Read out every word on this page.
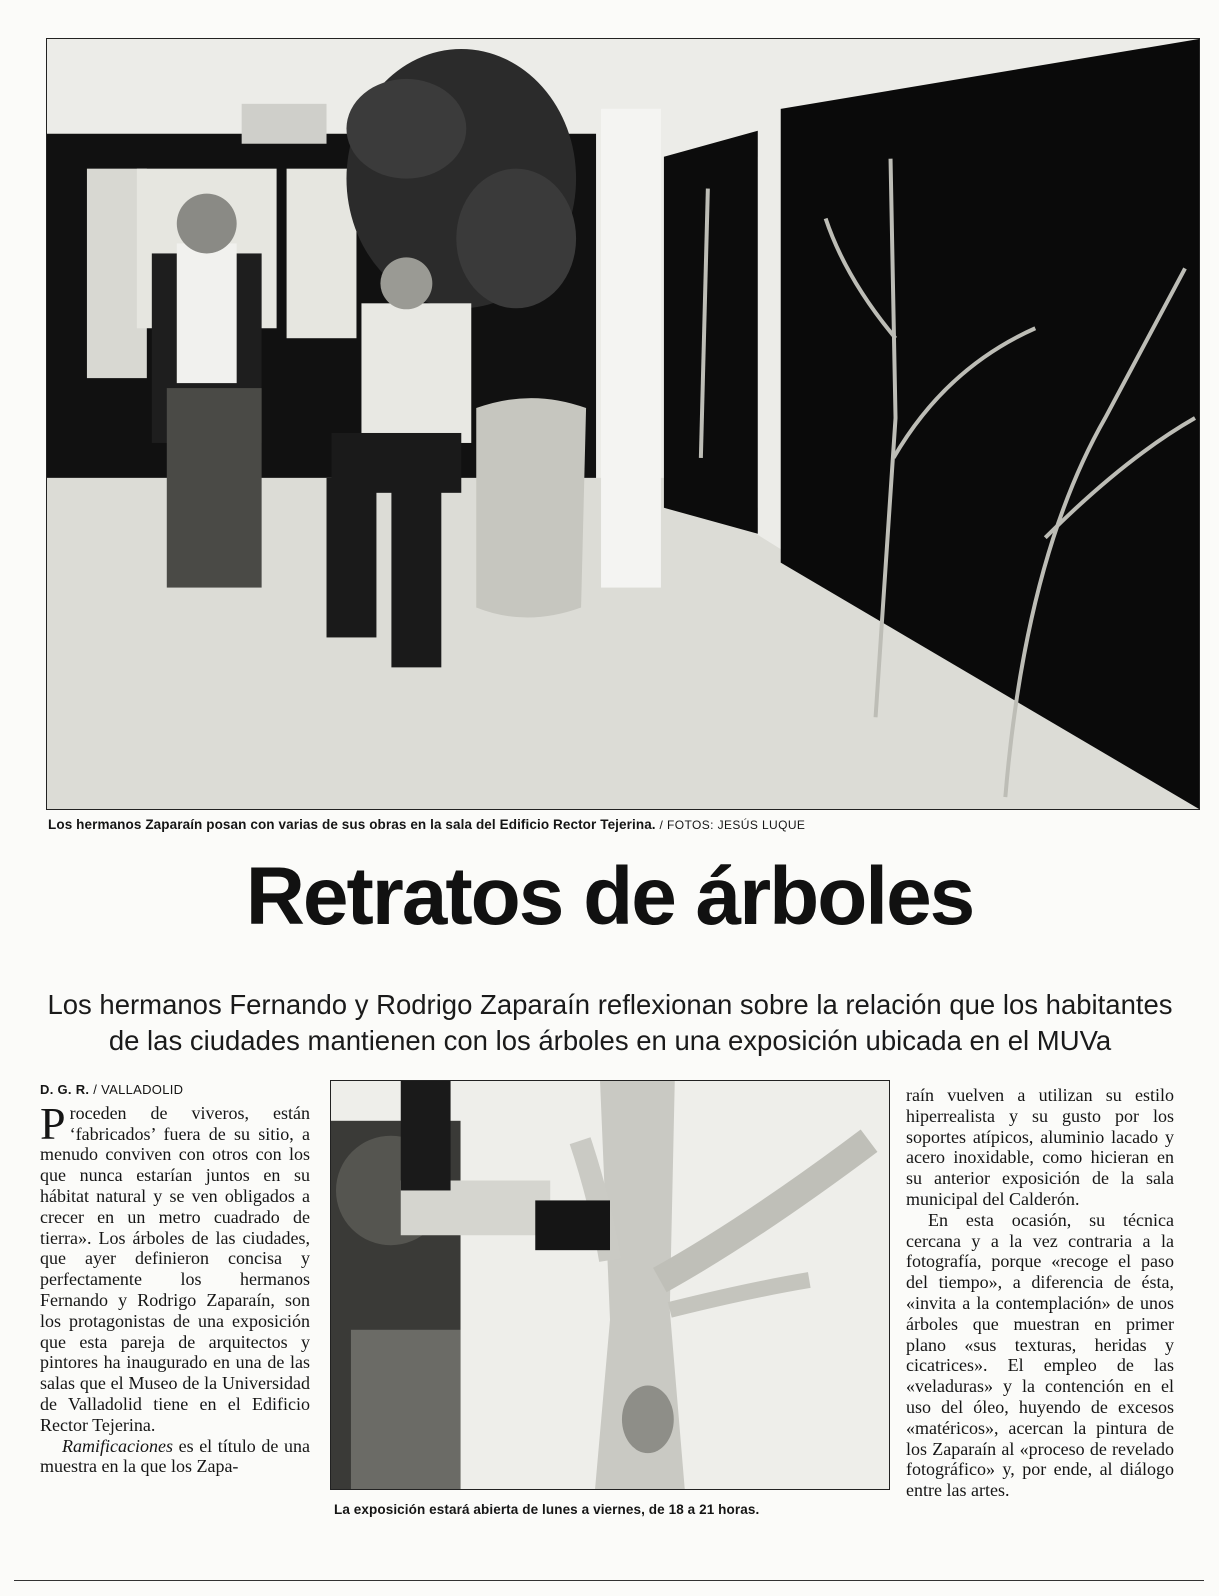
Los hermanos Zaparaín posan con varias de sus obras en la sala del Edificio Rector Tejerina. / FOTOS: JESÚS LUQUE
Retratos de árboles
Los hermanos Fernando y Rodrigo Zaparaín reflexionan sobre la relación que los habitantes
de las ciudades mantienen con los árboles en una exposición ubicada en el MUVa
D. G. R. / VALLADOLID

Proceden de viveros, están ‘fabricados’ fuera de su sitio, a menudo conviven con otros con los que nunca estarían juntos en su hábitat natural y se ven obligados a crecer en un metro cuadrado de tierra». Los árboles de las ciudades, que ayer definieron concisa y perfectamente los hermanos Fernando y Rodrigo Zaparaín, son los protagonistas de una exposición que esta pareja de arquitectos y pintores ha inaugurado en una de las salas que el Museo de la Universidad de Valladolid tiene en el Edificio Rector Tejerina.

Ramificaciones es el título de una muestra en la que los Zapa-

La exposición estará abierta de lunes a viernes, de 18 a 21 horas.

raín vuelven a utilizan su estilo hiperrealista y su gusto por los soportes atípicos, aluminio lacado y acero inoxidable, como hicieran en su anterior exposición de la sala municipal del Calderón.

En esta ocasión, su técnica cercana y a la vez contraria a la fotografía, porque «recoge el paso del tiempo», a diferencia de ésta, «invita a la contemplación» de unos árboles que muestran en primer plano «sus texturas, heridas y cicatrices». El empleo de las «veladuras» y la contención en el uso del óleo, huyendo de excesos «matéricos», acercan la pintura de los Zaparaín al «proceso de revelado fotográfico» y, por ende, al diálogo entre las artes.
